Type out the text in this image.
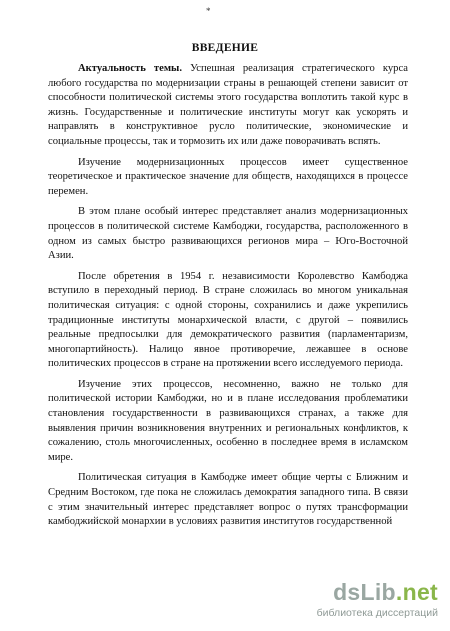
*
ВВЕДЕНИЕ

Актуальность темы. Успешная реализация стратегического курса любого государства по модернизации страны в решающей степени зависит от способности политической системы этого государства воплотить такой курс в жизнь. Государственные и политические институты могут как ускорять и направлять в конструктивное русло политические, экономические и социальные процессы, так и тормозить их или даже поворачивать вспять.

Изучение модернизационных процессов имеет существенное теоретическое и практическое значение для обществ, находящихся в процессе перемен.

В этом плане особый интерес представляет анализ модернизационных процессов в политической системе Камбоджи, государства, расположенного в одном из самых быстро развивающихся регионов мира – Юго-Восточной Азии.

После обретения в 1954 г. независимости Королевство Камбоджа вступило в переходный период. В стране сложилась во многом уникальная политическая ситуация: с одной стороны, сохранились и даже укрепились традиционные институты монархической власти, с другой – появились реальные предпосылки для демократического развития (парламентаризм, многопартийность). Налицо явное противоречие, лежавшее в основе политических процессов в стране на протяжении всего исследуемого периода.

Изучение этих процессов, несомненно, важно не только для политической истории Камбоджи, но и в плане исследования проблематики становления государственности в развивающихся странах, а также для выявления причин возникновения внутренних и региональных конфликтов, к сожалению, столь многочисленных, особенно в последнее время в исламском мире.

Политическая ситуация в Камбодже имеет общие черты с Ближним и Средним Востоком, где пока не сложилась демократия западного типа. В связи с этим значительный интерес представляет вопрос о путях трансформации камбоджийской монархии в условиях развития институтов государственной

dsLib.net
библиотека диссертаций
